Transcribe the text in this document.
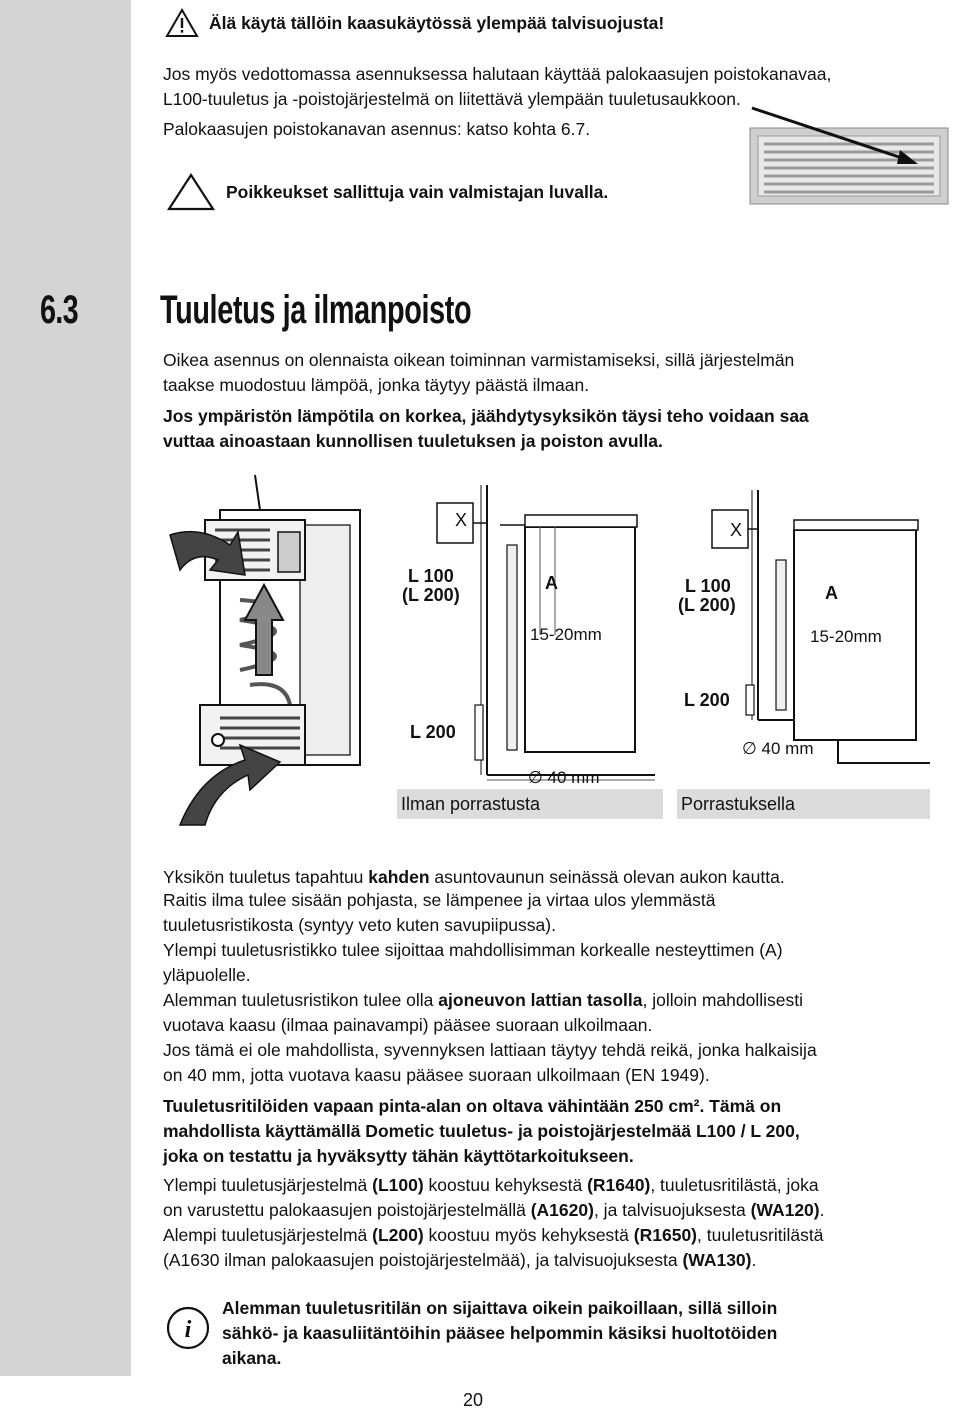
Älä käytä tällöin kaasukäytössä ylempää talvisuojusta!
Jos myös vedottomassa asennuksessa halutaan käyttää palokaasujen poistokanavaa,
L100-tuuletus ja -poistojärjestelmä on liitettävä ylempään tuuletusaukkoon.
Palokaasujen poistokanavan asennus: katso kohta 6.7.
Poikkeukset sallittuja vain valmistajan luvalla.
6.3 Tuuletus ja ilmanpoisto
Oikea asennus on olennaista oikean toiminnan varmistamiseksi, sillä järjestelmän
taakse muodostuu lämpöä, jonka täytyy päästä ilmaan.
Jos ympäristön lämpötila on korkea, jäähdytysyksikön täysi teho voidaan saa
vuttaa ainoastaan kunnollisen tuuletuksen ja poiston avulla.
X
L 100
(L 200)
A
15-20mm
L 200
∅ 40 mm
Ilman porrastusta
X
L 100
(L 200)
A
15-20mm
L 200
∅ 40 mm
Porrastuksella
Yksikön tuuletus tapahtuu kahden asuntovaunun seinässä olevan aukon kautta.
Raitis ilma tulee sisään pohjasta, se lämpenee ja virtaa ulos ylemmästä
tuuletusristikosta (syntyy veto kuten savupiipussa).
Ylempi tuuletusristikko tulee sijoittaa mahdollisimman korkealle nesteyttimen (A)
yläpuolelle.
Alemman tuuletusristikon tulee olla ajoneuvon lattian tasolla, jolloin mahdollisesti
vuotava kaasu (ilmaa painavampi) pääsee suoraan ulkoilmaan.
Jos tämä ei ole mahdollista, syvennyksen lattiaan täytyy tehdä reikä, jonka halkaisija
on 40 mm, jotta vuotava kaasu pääsee suoraan ulkoilmaan (EN 1949).
Tuuletusritilöiden vapaan pinta-alan on oltava vähintään 250 cm². Tämä on
mahdollista käyttämällä Dometic tuuletus- ja poistojärjestelmää L100 / L 200,
joka on testattu ja hyväksytty tähän käyttötarkoitukseen.
Ylempi tuuletusjärjestelmä (L100) koostuu kehyksestä (R1640), tuuletusritilästä, joka
on varustettu palokaasujen poistojärjestelmällä (A1620), ja talvisuojuksesta (WA120).
Alempi tuuletusjärjestelmä (L200) koostuu myös kehyksestä (R1650), tuuletusritilästä
(A1630 ilman palokaasujen poistojärjestelmää), ja talvisuojuksesta (WA130).
i
Alemman tuuletusritilän on sijaittava oikein paikoillaan, sillä silloin
sähkö- ja kaasuliitäntöihin pääsee helpommin käsiksi huoltotöiden
aikana.
20
